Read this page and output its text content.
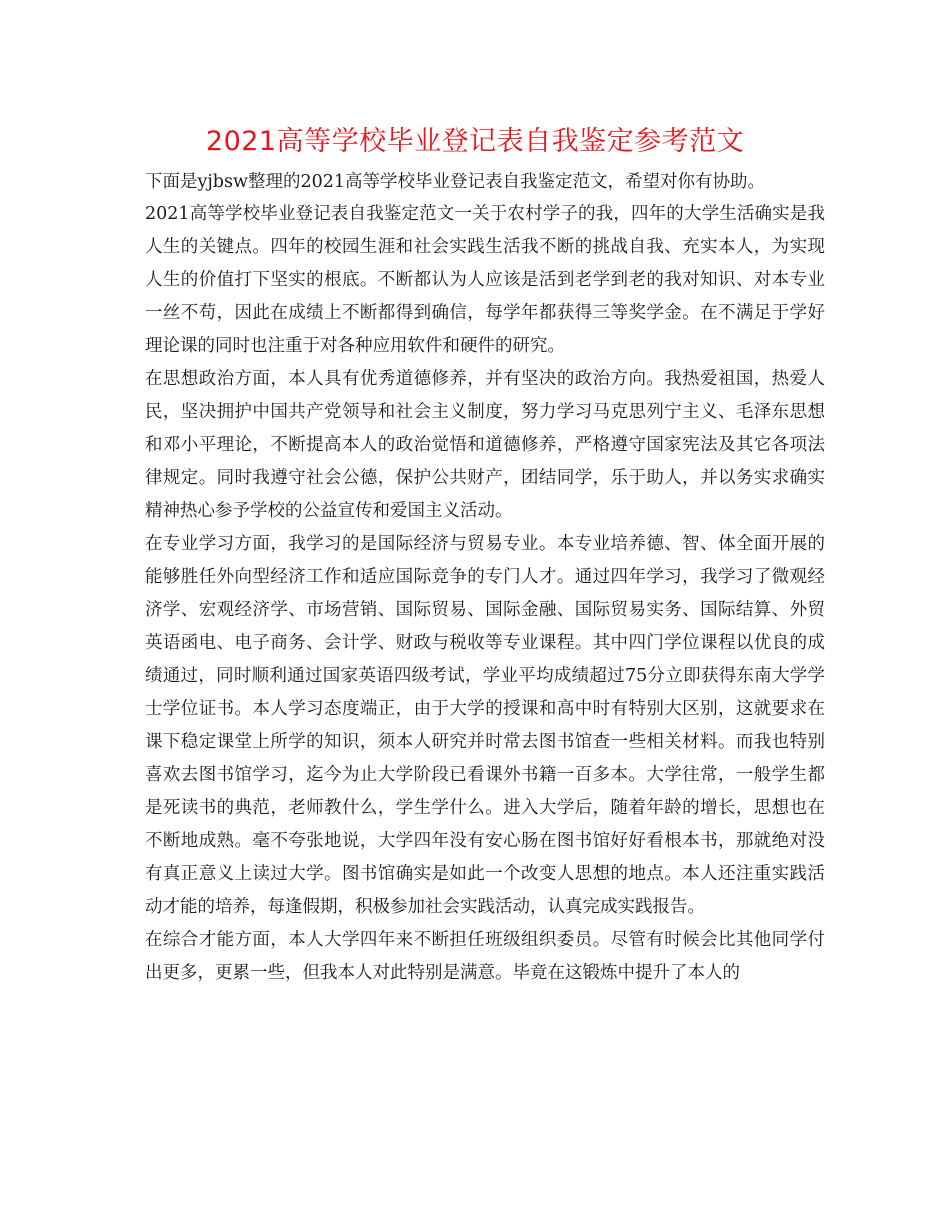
2021高等学校毕业登记表自我鉴定参考范文

下面是yjbsw整理的2021高等学校毕业登记表自我鉴定范文，希望对你有协助。

2021高等学校毕业登记表自我鉴定范文一关于农村学子的我，四年的大学生活确实是我人生的关键点。四年的校园生涯和社会实践生活我不断的挑战自我、充实本人，为实现人生的价值打下坚实的根底。不断都认为人应该是活到老学到老的我对知识、对本专业一丝不苟，因此在成绩上不断都得到确信，每学年都获得三等奖学金。在不满足于学好理论课的同时也注重于对各种应用软件和硬件的研究。

在思想政治方面，本人具有优秀道德修养，并有坚决的政治方向。我热爱祖国，热爱人民，坚决拥护中国共产党领导和社会主义制度，努力学习马克思列宁主义、毛泽东思想和邓小平理论，不断提高本人的政治觉悟和道德修养，严格遵守国家宪法及其它各项法律规定。同时我遵守社会公德，保护公共财产，团结同学，乐于助人，并以务实求确实精神热心参予学校的公益宣传和爱国主义活动。

在专业学习方面，我学习的是国际经济与贸易专业。本专业培养德、智、体全面开展的能够胜任外向型经济工作和适应国际竞争的专门人才。通过四年学习，我学习了微观经济学、宏观经济学、市场营销、国际贸易、国际金融、国际贸易实务、国际结算、外贸英语函电、电子商务、会计学、财政与税收等专业课程。其中四门学位课程以优良的成绩通过，同时顺利通过国家英语四级考试，学业平均成绩超过75分立即获得东南大学学士学位证书。本人学习态度端正，由于大学的授课和高中时有特别大区别，这就要求在课下稳定课堂上所学的知识，须本人研究并时常去图书馆查一些相关材料。而我也特别喜欢去图书馆学习，迄今为止大学阶段已看课外书籍一百多本。大学往常，一般学生都是死读书的典范，老师教什么，学生学什么。进入大学后，随着年龄的增长，思想也在不断地成熟。毫不夸张地说，大学四年没有安心肠在图书馆好好看根本书，那就绝对没有真正意义上读过大学。图书馆确实是如此一个改变人思想的地点。本人还注重实践活动才能的培养，每逢假期，积极参加社会实践活动，认真完成实践报告。

在综合才能方面，本人大学四年来不断担任班级组织委员。尽管有时候会比其他同学付出更多，更累一些，但我本人对此特别是满意。毕竟在这锻炼中提升了本人的
